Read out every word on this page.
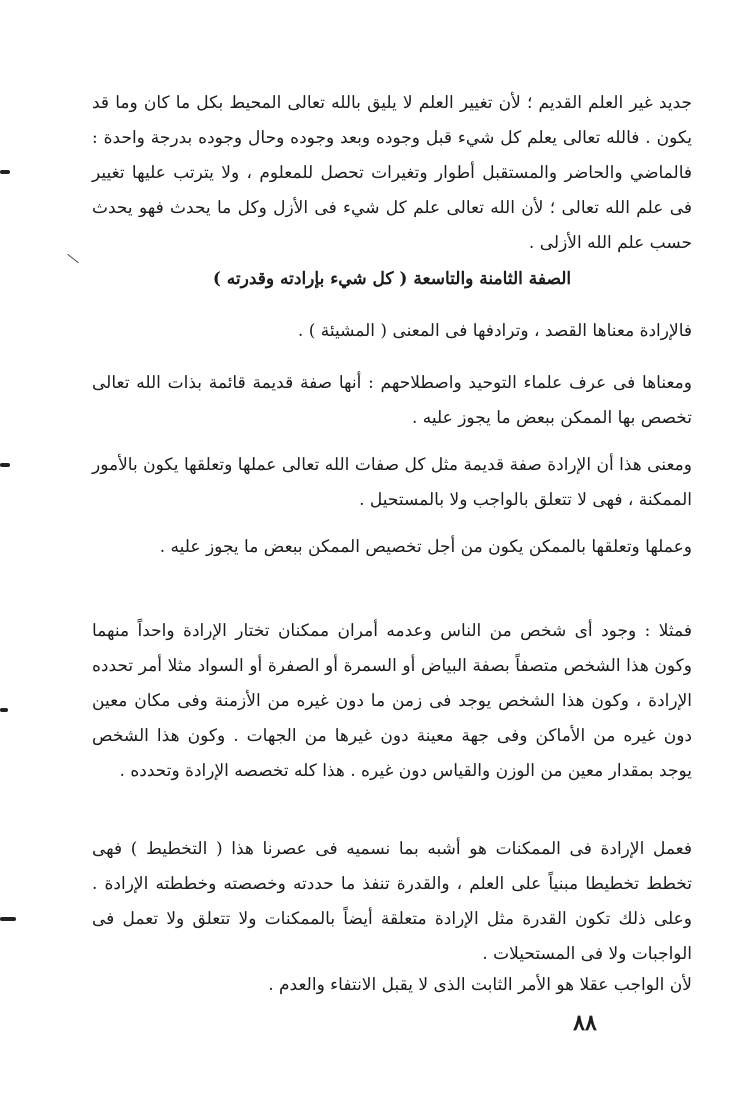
جديد غير العلم القديم ؛ لأن تغيير العلم لا يليق بالله تعالى المحيط بكل ما كان وما قد يكون . فالله تعالى يعلم كل شيء قبل وجوده وبعد وجوده وحال وجوده بدرجة واحدة : فالماضي والحاضر والمستقبل أطوار وتغيرات تحصل للمعلوم ، ولا يترتب عليها تغيير فى علم الله تعالى ؛ لأن الله تعالى علم كل شيء فى الأزل وكل ما يحدث فهو يحدث حسب علم الله الأزلى .

الصفة الثامنة والتاسعة ( كل شيء بإرادته وقدرته )

فالإرادة معناها القصد ، وترادفها فى المعنى ( المشيئة ) .

ومعناها فى عرف علماء التوحيد واصطلاحهم : أنها صفة قديمة قائمة بذات الله تعالى تخصص بها الممكن ببعض ما يجوز عليه .

ومعنى هذا أن الإرادة صفة قديمة مثل كل صفات الله تعالى عملها وتعلقها يكون بالأمور الممكنة ، فهى لا تتعلق بالواجب ولا بالمستحيل .

وعملها وتعلقها بالممكن يكون من أجل تخصيص الممكن ببعض ما يجوز عليه .

فمثلا : وجود أى شخص من الناس وعدمه أمران ممكنان تختار الإرادة واحداً منهما وكون هذا الشخص متصفاً بصفة البياض أو السمرة أو الصفرة أو السواد مثلا أمر تحدده الإرادة ، وكون هذا الشخص يوجد فى زمن ما دون غيره من الأزمنة وفى مكان معين دون غيره من الأماكن وفى جهة معينة دون غيرها من الجهات . وكون هذا الشخص يوجد بمقدار معين من الوزن والقياس دون غيره . هذا كله تخصصه الإرادة وتحدده .

فعمل الإرادة فى الممكنات هو أشبه بما نسميه فى عصرنا هذا ( التخطيط ) فهى تخطط تخطيطا مبنياً على العلم ، والقدرة تنفذ ما حددته وخصصته وخططته الإرادة . وعلى ذلك تكون القدرة مثل الإرادة متعلقة أيضاً بالممكنات ولا تتعلق ولا تعمل فى الواجبات ولا فى المستحيلات .

لأن الواجب عقلا هو الأمر الثابت الذى لا يقبل الانتفاء والعدم .

٨٨
